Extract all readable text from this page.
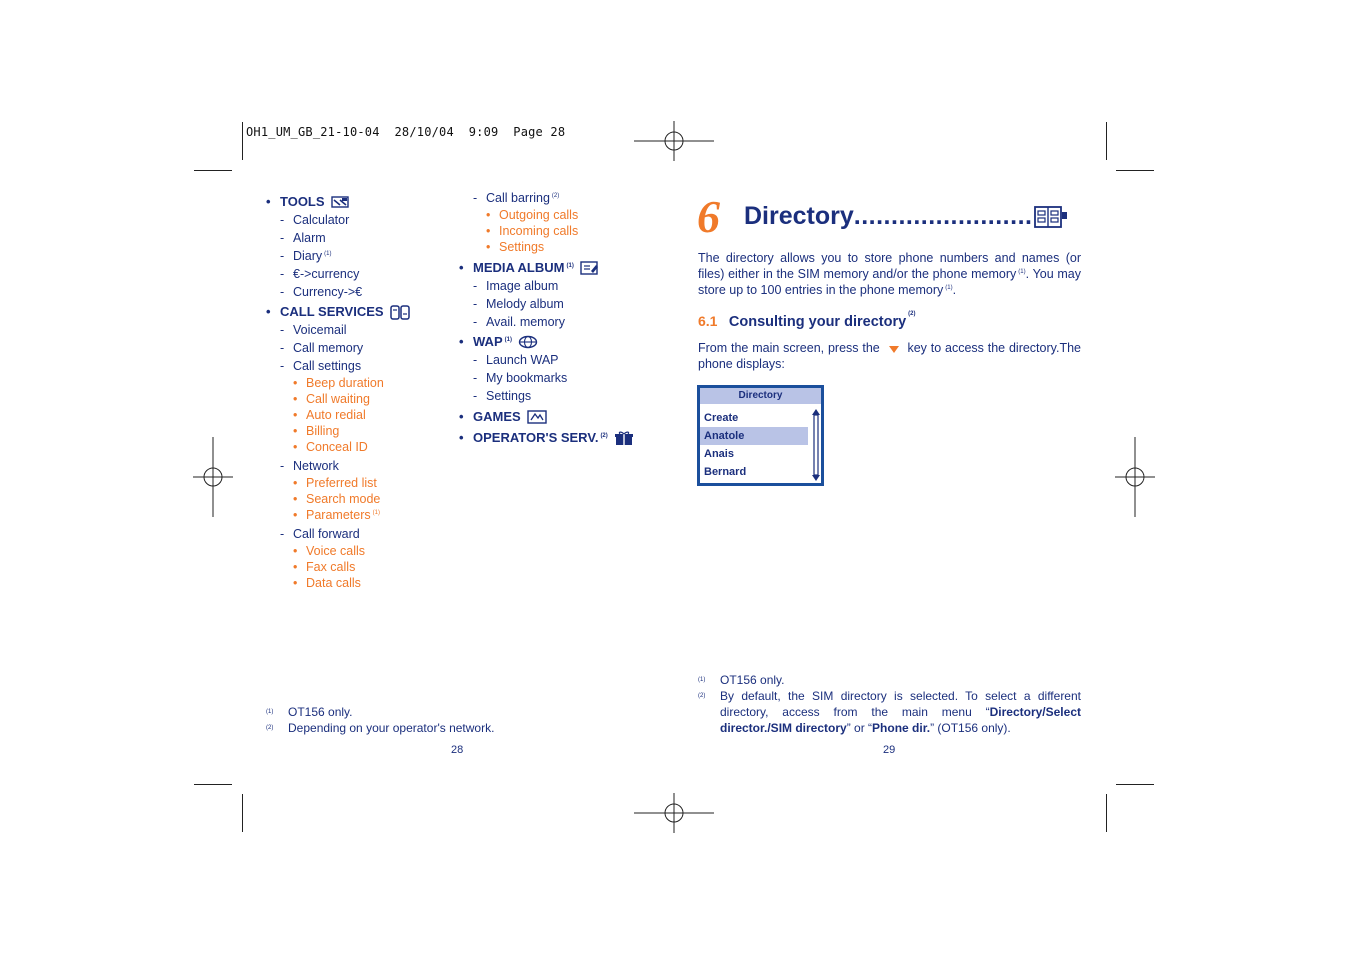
OH1_UM_GB_21-10-04  28/10/04  9:09  Page 28
• TOOLS
- Calculator
- Alarm
- Diary $^{(1)}$
- €->currency
- Currency->€
• CALL SERVICES
- Voicemail
- Call memory
- Call settings
• Beep duration
• Call waiting
• Auto redial
• Billing
• Conceal ID
- Network
• Preferred list
• Search mode
• Parameters $^{(1)}$
- Call forward
• Voice calls
• Fax calls
• Data calls
- Call barring $^{(2)}$
• Outgoing calls
• Incoming calls
• Settings
• MEDIA ALBUM $^{(1)}$
- Image album
- Melody album
- Avail. memory
• WAP $^{(1)}$
- Launch WAP
- My bookmarks
- Settings
• GAMES
• OPERATOR'S SERV. $^{(2)}$
(1) OT156 only.
(2) Depending on your operator's network.
28
6 Directory ........................
The directory allows you to store phone numbers and names (or files) either in the SIM memory and/or the phone memory $^{(1)}$. You may store up to 100 entries in the phone memory $^{(1)}$.
6.1 Consulting your directory $^{(2)}$
From the main screen, press the key to access the directory.The phone displays:
Directory
Create
Anatole
Anais
Bernard
(1) OT156 only.
(2)	By default, the SIM directory is selected. To select a different directory, access from the main menu “Directory/Select director./SIM directory” or “Phone dir.” (OT156 only).
29
